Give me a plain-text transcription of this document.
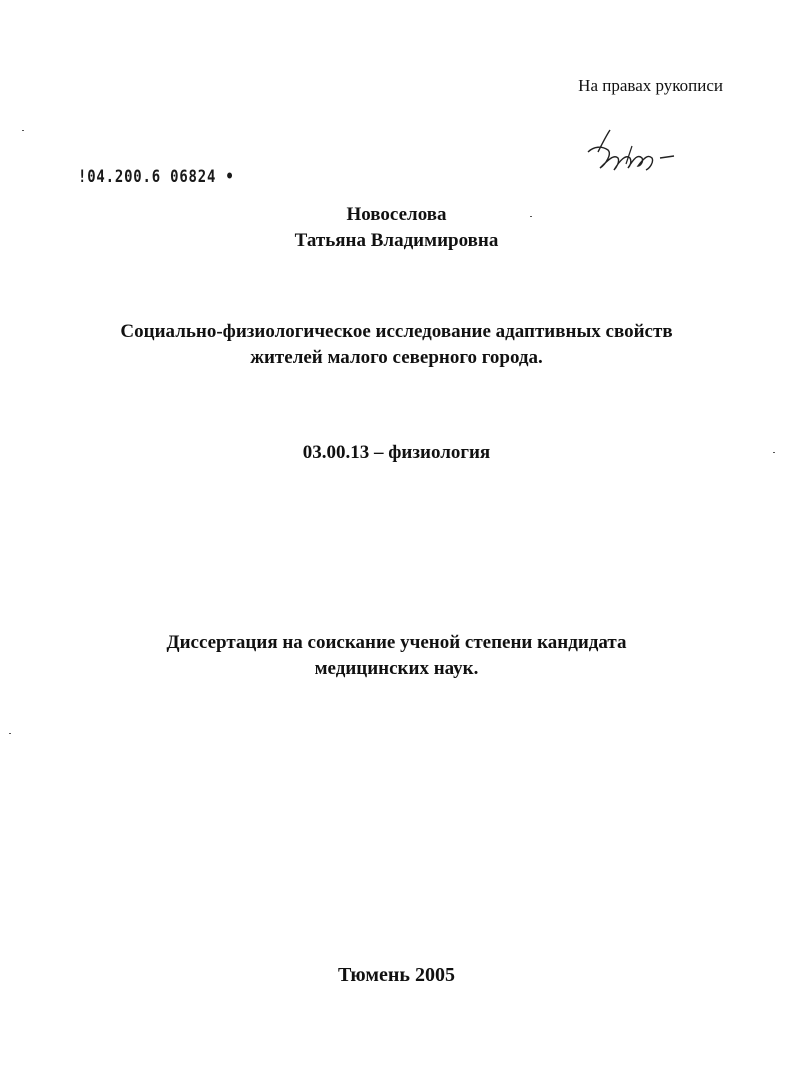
На правах рукописи
!04.200.6 06824 •
Новоселова
Татьяна Владимировна
Социально-физиологическое исследование адаптивных свойств
жителей малого северного города.
03.00.13 – физиология
Диссертация на соискание ученой степени кандидата
медицинских наук.
Тюмень 2005
